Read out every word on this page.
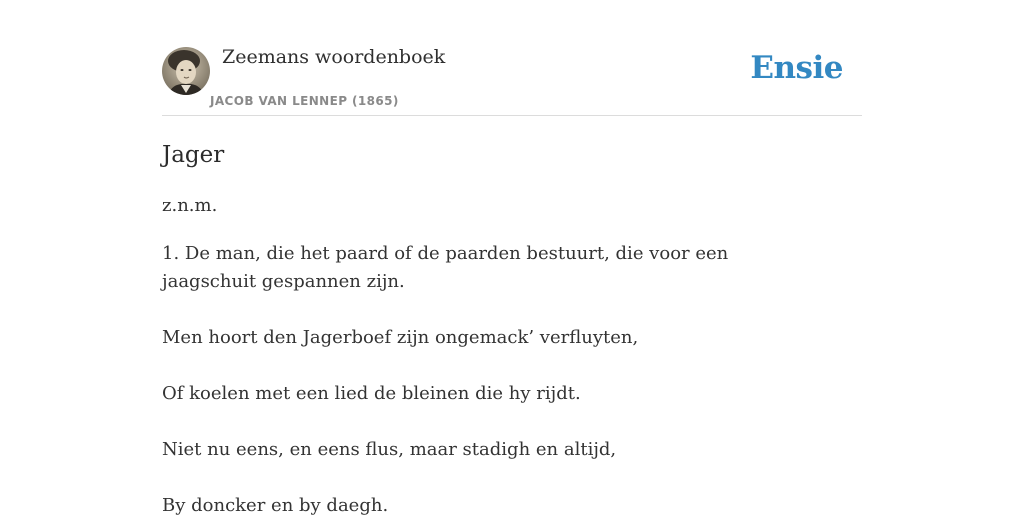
Zeemans woordenboek
JACOB VAN LENNEP (1865)
Ensie
Jager

z.n.m.

1. De man, die het paard of de paarden bestuurt, die voor een jaagschuit gespannen zijn.

Men hoort den Jagerboef zijn ongemack’ verfluyten,

Of koelen met een lied de bleinen die hy rijdt.

Niet nu eens, en eens flus, maar stadigh en altijd,

By doncker en by daegh.
